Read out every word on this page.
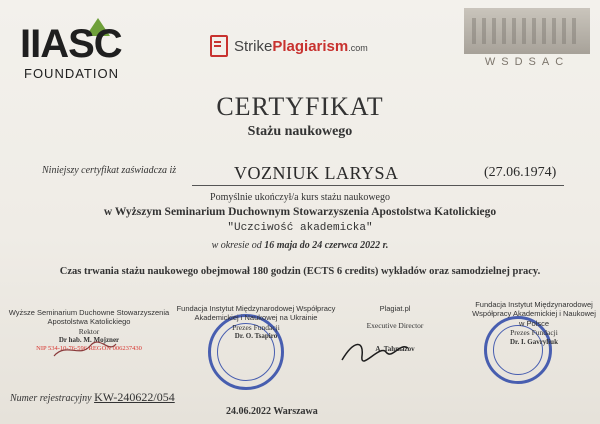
IIASC
FOUNDATION
StrikePlagiarism.com
WSDSAC
CERTYFIKAT
Stażu naukowego
Niniejszy certyfikat zaświadcza iż	VOZNIUK LARYSA	(27.06.1974)
Pomyślnie ukończył/a kurs stażu naukowego
w Wyższym Seminarium Duchownym Stowarzyszenia Apostolstwa Katolickiego
"Uczciwość akademicka"
w okresie od 16 maja do 24 czerwca 2022 r.
Czas trwania stażu naukowego obejmował 180 godzin (ECTS 6 credits) wykładów oraz samodzielnej pracy.
Wyższe Seminarium Duchowne Stowarzyszenia Apostolstwa Katolickiego
Rektor
Dr hab. M. Mojzner
NIP 534-10-76-596 REGON 006237430
Fundacja Instytut Międzynarodowej Współpracy Akademickiej i Naukowej na Ukrainie
Prezes Fundacji
Dr. O. Tsapiro
Plagiat.pl
Executive Director
A. Tahmazov
Fundacja Instytut Międzynarodowej Współpracy Akademickiej i Naukowej w Polsce
Prezes Fundacji
Dr. I. Gavryliuk
Numer rejestracyjny KW-240622/054
24.06.2022 Warszawa
